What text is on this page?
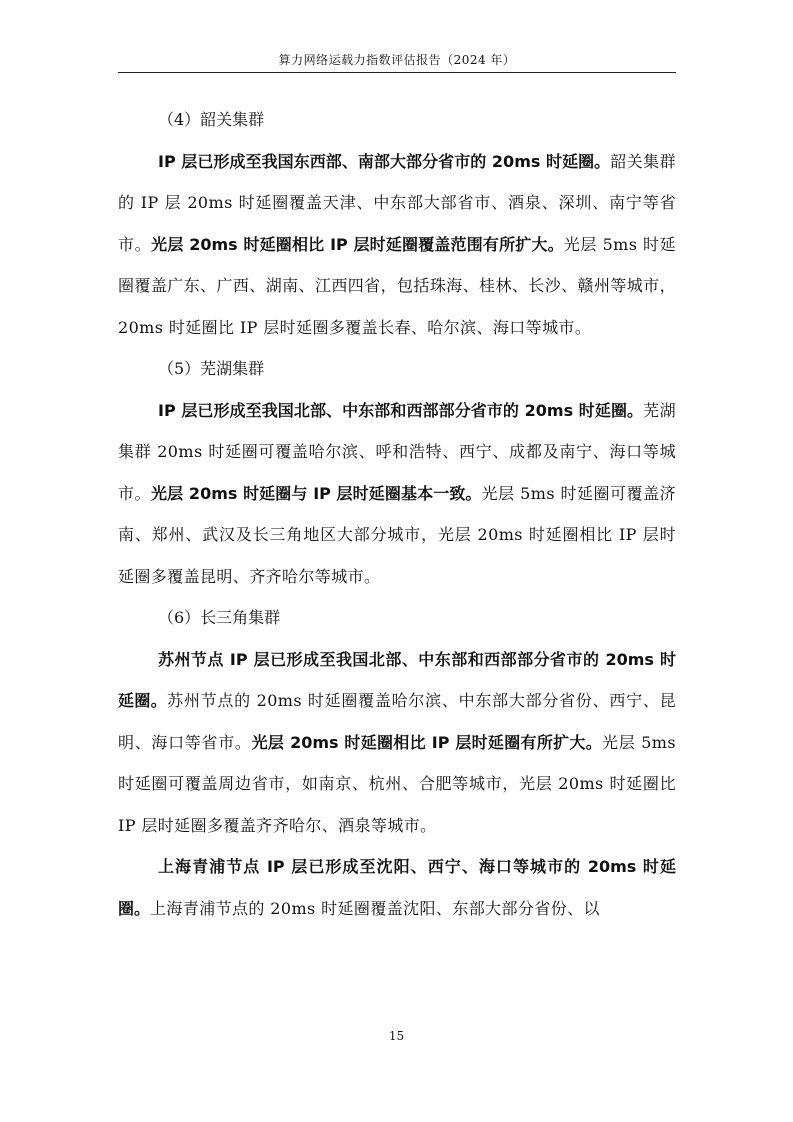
算力网络运载力指数评估报告（2024 年）

（4）韶关集群

IP 层已形成至我国东西部、南部大部分省市的 20ms 时延圈。韶关集群的 IP 层 20ms 时延圈覆盖天津、中东部大部省市、酒泉、深圳、南宁等省市。光层 20ms 时延圈相比 IP 层时延圈覆盖范围有所扩大。光层 5ms 时延圈覆盖广东、广西、湖南、江西四省，包括珠海、桂林、长沙、赣州等城市，20ms 时延圈比 IP 层时延圈多覆盖长春、哈尔滨、海口等城市。

（5）芜湖集群

IP 层已形成至我国北部、中东部和西部部分省市的 20ms 时延圈。芜湖集群 20ms 时延圈可覆盖哈尔滨、呼和浩特、西宁、成都及南宁、海口等城市。光层 20ms 时延圈与 IP 层时延圈基本一致。光层 5ms 时延圈可覆盖济南、郑州、武汉及长三角地区大部分城市，光层 20ms 时延圈相比 IP 层时延圈多覆盖昆明、齐齐哈尔等城市。

（6）长三角集群

苏州节点 IP 层已形成至我国北部、中东部和西部部分省市的 20ms 时延圈。苏州节点的 20ms 时延圈覆盖哈尔滨、中东部大部分省份、西宁、昆明、海口等省市。光层 20ms 时延圈相比 IP 层时延圈有所扩大。光层 5ms 时延圈可覆盖周边省市，如南京、杭州、合肥等城市，光层 20ms 时延圈比 IP 层时延圈多覆盖齐齐哈尔、酒泉等城市。

上海青浦节点 IP 层已形成至沈阳、西宁、海口等城市的 20ms 时延圈。上海青浦节点的 20ms 时延圈覆盖沈阳、东部大部分省份、以

15
